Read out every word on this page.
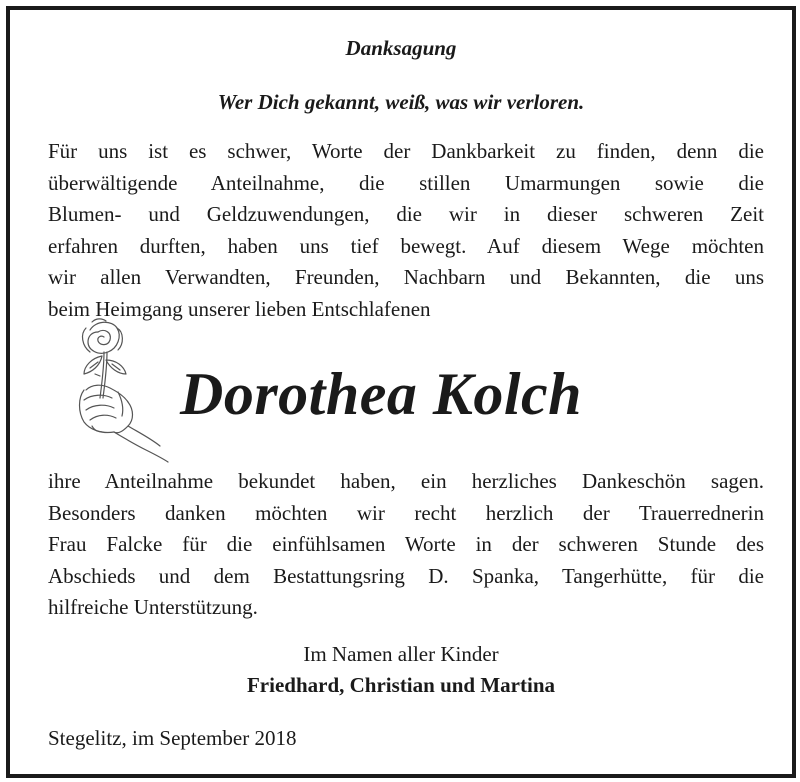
Danksagung
Wer Dich gekannt, weiß, was wir verloren.

Für uns ist es schwer, Worte der Dankbarkeit zu finden, denn die
überwältigende Anteilnahme, die stillen Umarmungen sowie die
Blumen- und Geldzuwendungen, die wir in dieser schweren Zeit
erfahren durften, haben uns tief bewegt. Auf diesem Wege möchten
wir allen Verwandten, Freunden, Nachbarn und Bekannten, die uns
beim Heimgang unserer lieben Entschlafenen

Dorothea Kolch

ihre Anteilnahme bekundet haben, ein herzliches Dankeschön sagen.
Besonders danken möchten wir recht herzlich der Trauerrednerin
Frau Falcke für die einfühlsamen Worte in der schweren Stunde des
Abschieds und dem Bestattungsring D. Spanka, Tangerhütte, für die
hilfreiche Unterstützung.

Im Namen aller Kinder
Friedhard, Christian und Martina
Stegelitz, im September 2018
